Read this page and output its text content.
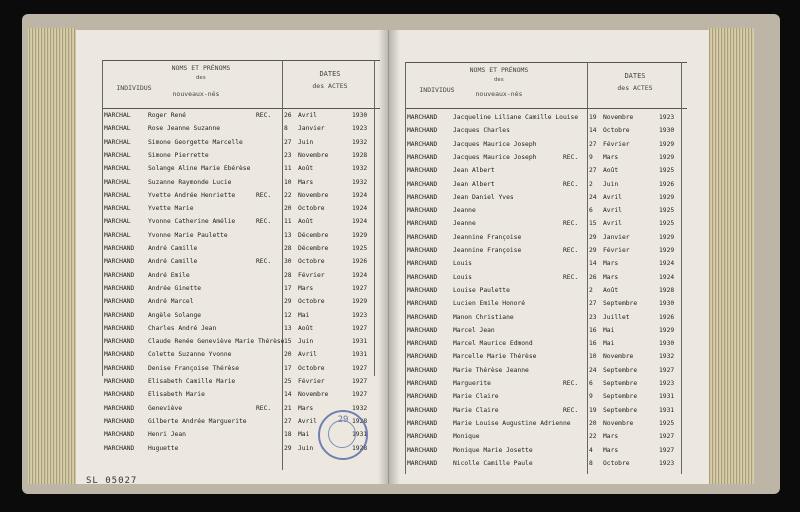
NOMS ET PRÉNOMS
des
INDIVIDUS
nouveaux-nés
DATES
des ACTES
MARCHAL	Roger René	REC. 26 Avril	1930
MARCHAL	Rose Jeanne Suzanne	8 Janvier	1923
MARCHAL	Simone Georgette Marcelle	27 Juin	1932
MARCHAL	Simone Pierrette	23 Novembre	1928
MARCHAL	Solange Aline Marie Ebérèse	11 Août	1932
MARCHAL	Suzanne Raymonde Lucie	10 Mars	1932
MARCHAL	Yvette Andrée Henriette	REC. 22 Novembre	1924
MARCHAL	Yvette Marie	20 Octobre	1924
MARCHAL	Yvonne Catherine Amélie	REC. 11 Août	1924
MARCHAL	Yvonne Marie Paulette	13 Décembre	1929
MARCHAND André Camille	28 Décembre	1925
MARCHAND André Camille	REC. 30 Octobre	1926
MARCHAND André Emile	28 Février	1924
MARCHAND Andrée Ginette	17 Mars	1927
MARCHAND André Marcel	29 Octobre	1929
MARCHAND Angèle Solange	12 Mai	1923
MARCHAND Charles André Jean	13 Août	1927
MARCHAND Claude Renée Geneviève Marie Thérèse 15 Juin	1931
MARCHAND Colette Suzanne Yvonne	20 Avril	1931
MARCHAND Denise Françoise Thérèse	17 Octobre	1927
MARCHAND Elisabeth Camille Marie	25 Février	1927
MARCHAND Elisabeth Marie	14 Novembre	1927
MARCHAND Geneviève	REC. 21 Mars	1932
MARCHAND Gilberte Andrée Marguerite	27 Avril	1928
MARCHAND Henri Jean	18 Mai	1931
MARCHAND Huguette	29 Juin	1928
NOMS ET PRÉNOMS
des
INDIVIDUS	nouveaux-nés
DATES
des ACTES
MARCHAND Jacqueline Liliane Camille Louise 19 Novembre	1923
MARCHAND Jacques Charles	14 Octobre	1930
MARCHAND Jacques Maurice Joseph	27 Février	1929
MARCHAND Jacques Maurice Joseph	REC. 9 Mars	1929
MARCHAND Jean Albert	27 Août	1925
MARCHAND Jean Albert	REC. 2 Juin	1926
MARCHAND Jean Daniel Yves	24 Avril	1929
MARCHAND Jeanne	6 Avril	1925
MARCHAND Jeanne	REC. 15 Avril	1925
MARCHAND Jeannine Françoise	29 Janvier	1929
MARCHAND Jeannine Françoise	REC. 29 Février	1929
MARCHAND Louis	14 Mars	1924
MARCHAND Louis	REC. 26 Mars	1924
MARCHAND Louise Paulette	2 Août	1928
MARCHAND Lucien Emile Honoré	27 Septembre	1930
MARCHAND Manon Christiane	23 Juillet	1926
MARCHAND Marcel Jean	16 Mai	1929
MARCHAND Marcel Maurice Edmond	16 Mai	1930
MARCHAND Marcelle Marie Thérèse	10 Novembre	1932
MARCHAND Marie Thérèse Jeanne	24 Septembre	1927
MARCHAND Marguerite	REC. 6 Septembre	1923
MARCHAND Marie Claire	9 Septembre	1931
MARCHAND Marie Claire	REC. 19 Septembre	1931
MARCHAND Marie Louise Augustine Adrienne	20 Novembre	1925
MARCHAND Monique	22 Mars	1927
MARCHAND Monique Marie Josette	4 Mars	1927
MARCHAND Nicolle Camille Paule	8 Octobre	1923
29
SL 05027
